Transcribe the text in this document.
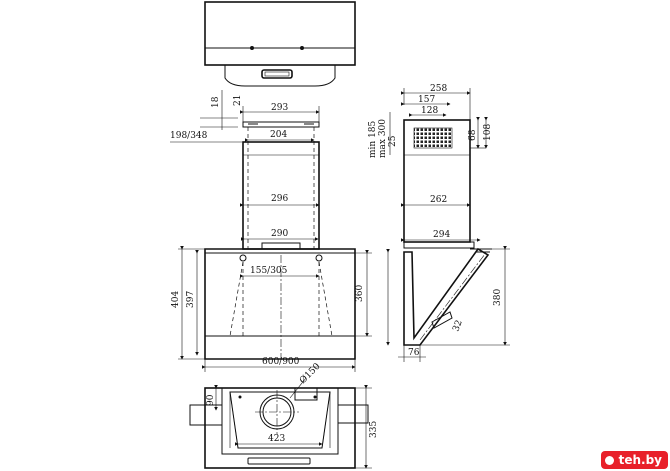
18 21
293
198/348	204
296
290
404 397
155/305
360
600/900
258
157
128
min 185 max 300 25
68 108
262
294
380
32
76
Ø150
90
423
335
teh.by
